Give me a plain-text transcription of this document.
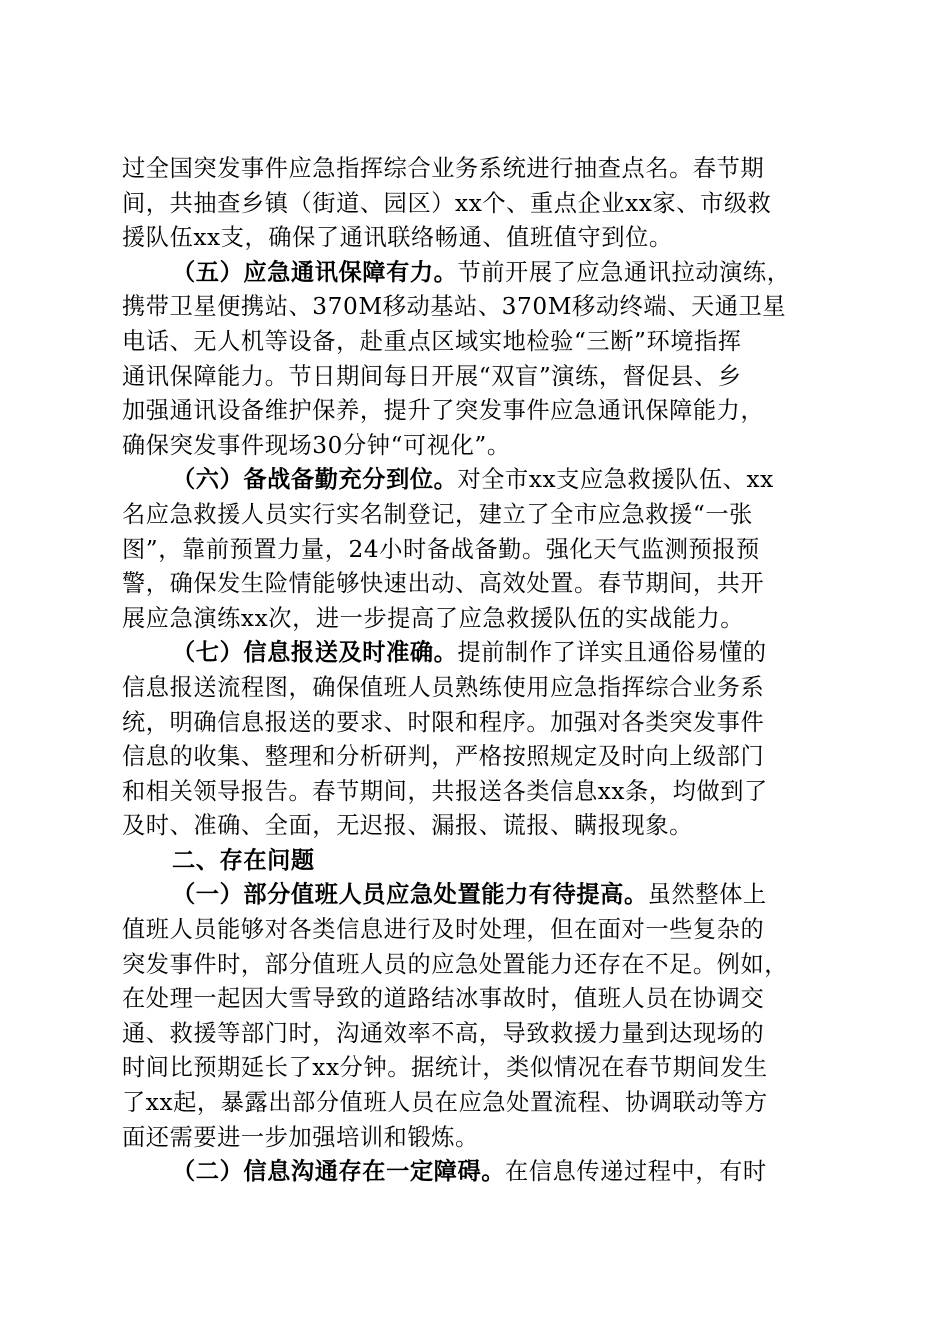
过全国突发事件应急指挥综合业务系统进行抽查点名。春节期
间，共抽查乡镇（街道、园区）xx个、重点企业xx家、市级救
援队伍xx支，确保了通讯联络畅通、值班值守到位。
（五）应急通讯保障有力。节前开展了应急通讯拉动演练，
携带卫星便携站、370M移动基站、370M移动终端、天通卫星
电话、无人机等设备，赴重点区域实地检验“三断”环境指挥
通讯保障能力。节日期间每日开展“双盲”演练，督促县、乡
加强通讯设备维护保养，提升了突发事件应急通讯保障能力，
确保突发事件现场30分钟“可视化”。
（六）备战备勤充分到位。对全市xx支应急救援队伍、xx
名应急救援人员实行实名制登记，建立了全市应急救援“一张
图”，靠前预置力量，24小时备战备勤。强化天气监测预报预
警，确保发生险情能够快速出动、高效处置。春节期间，共开
展应急演练xx次，进一步提高了应急救援队伍的实战能力。
（七）信息报送及时准确。提前制作了详实且通俗易懂的
信息报送流程图，确保值班人员熟练使用应急指挥综合业务系
统，明确信息报送的要求、时限和程序。加强对各类突发事件
信息的收集、整理和分析研判，严格按照规定及时向上级部门
和相关领导报告。春节期间，共报送各类信息xx条，均做到了
及时、准确、全面，无迟报、漏报、谎报、瞒报现象。
二、存在问题
（一）部分值班人员应急处置能力有待提高。虽然整体上
值班人员能够对各类信息进行及时处理，但在面对一些复杂的
突发事件时，部分值班人员的应急处置能力还存在不足。例如，
在处理一起因大雪导致的道路结冰事故时，值班人员在协调交
通、救援等部门时，沟通效率不高，导致救援力量到达现场的
时间比预期延长了xx分钟。据统计，类似情况在春节期间发生
了xx起，暴露出部分值班人员在应急处置流程、协调联动等方
面还需要进一步加强培训和锻炼。
（二）信息沟通存在一定障碍。在信息传递过程中，有时
